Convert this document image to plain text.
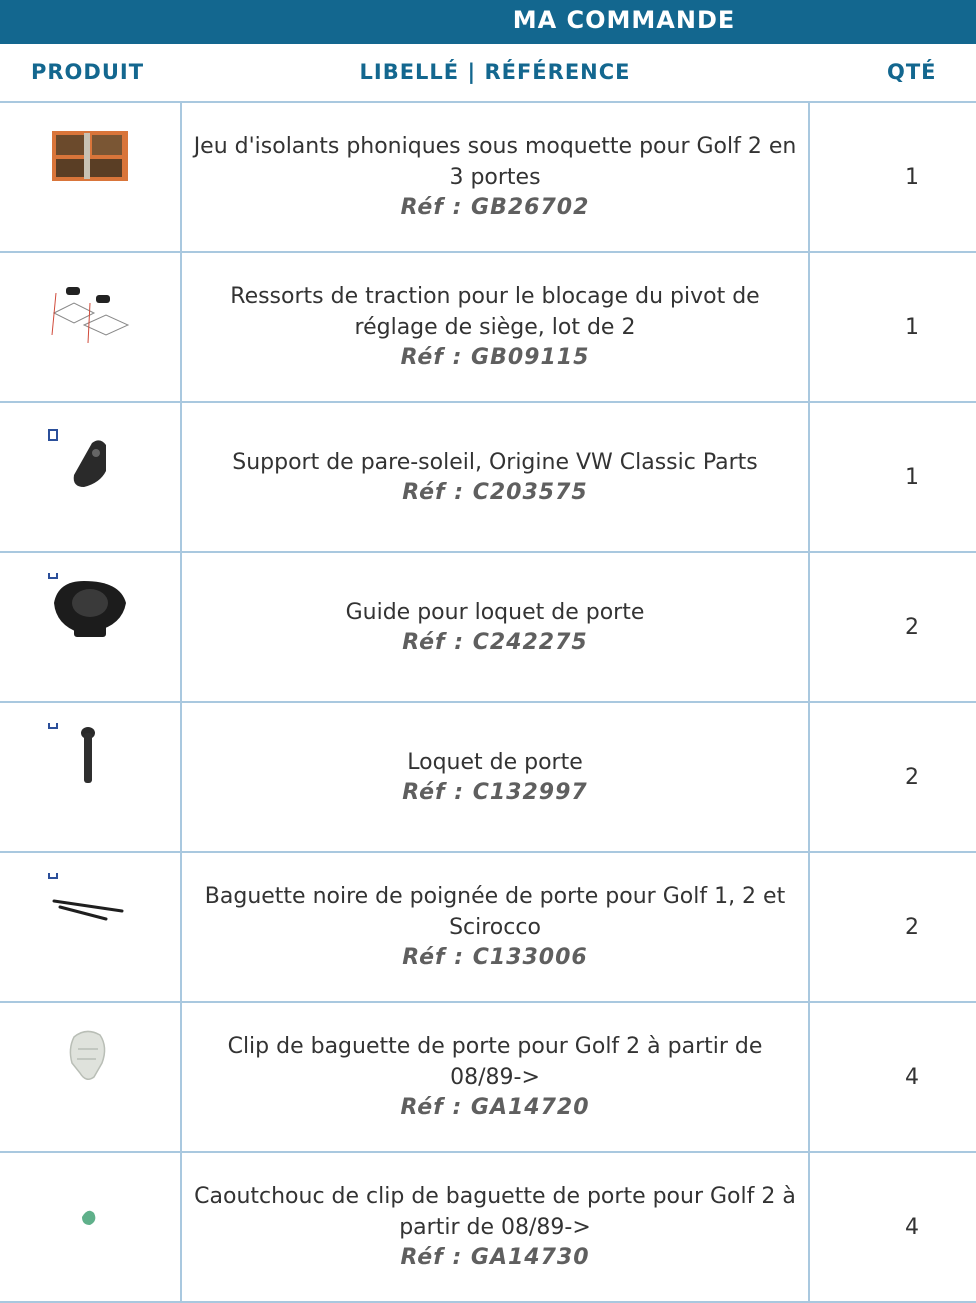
MA COMMANDE
PRODUIT	LIBELLÉ | RÉFÉRENCE	QTÉ
Jeu d'isolants phoniques sous moquette pour Golf 2 en 3 portes
Réf : GB26702
1
Ressorts de traction pour le blocage du pivot de réglage de siège, lot de 2
Réf : GB09115
1
Support de pare-soleil, Origine VW Classic Parts
Réf : C203575
1
Guide pour loquet de porte
Réf : C242275
2
Loquet de porte
Réf : C132997
2
Baguette noire de poignée de porte pour Golf 1, 2 et Scirocco
Réf : C133006
2
Clip de baguette de porte pour Golf 2 à partir de 08/89->
Réf : GA14720
4
Caoutchouc de clip de baguette de porte pour Golf 2 à partir de 08/89->
Réf : GA14730
4
